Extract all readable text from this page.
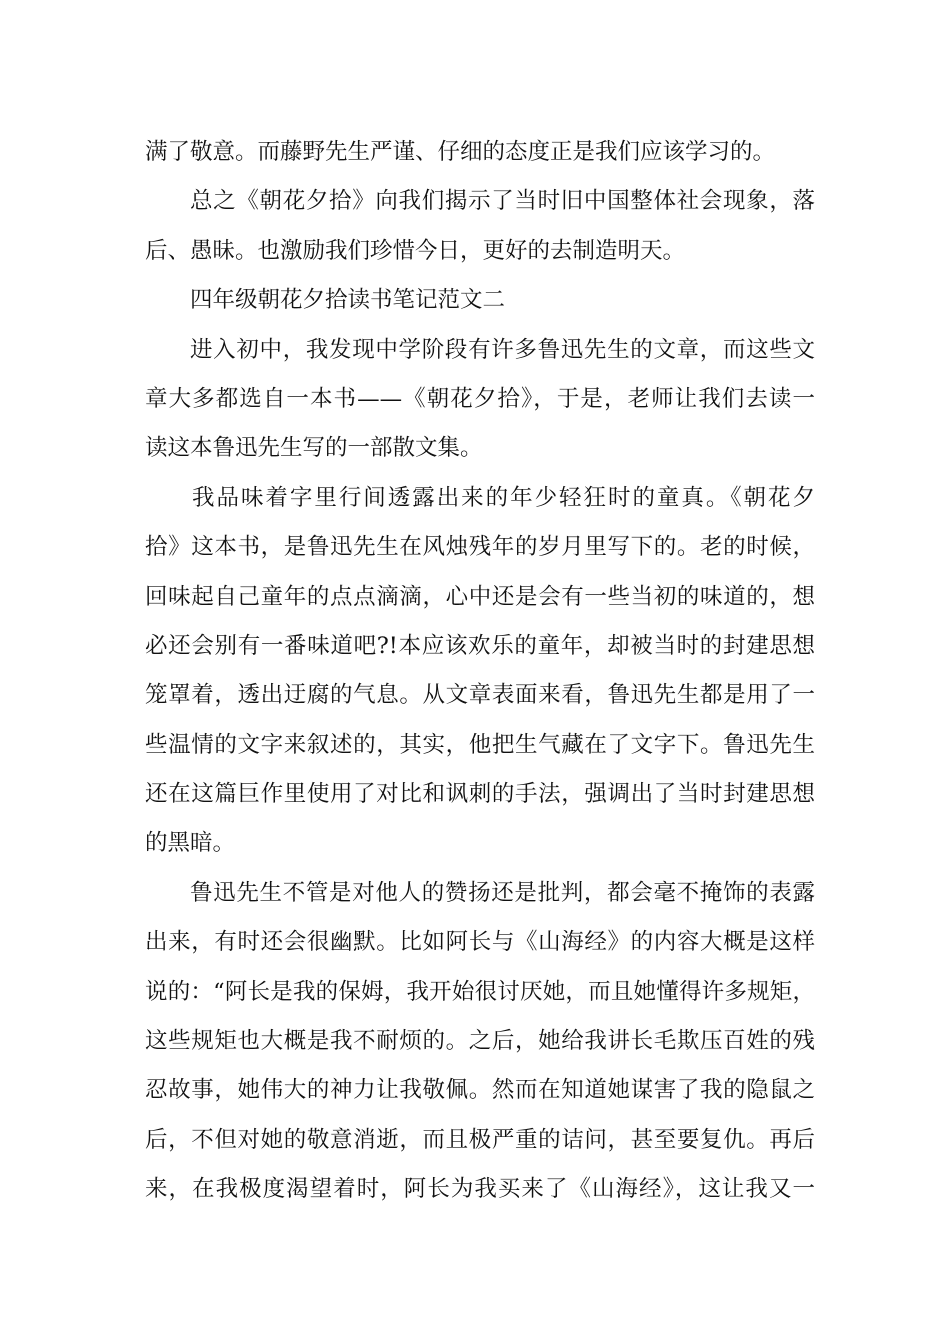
满了敬意。而藤野先生严谨、仔细的态度正是我们应该学习的。
总之《朝花夕拾》向我们揭示了当时旧中国整体社会现象，落
后、愚昧。也激励我们珍惜今日，更好的去制造明天。
四年级朝花夕拾读书笔记范文二
进入初中，我发现中学阶段有许多鲁迅先生的文章，而这些文
章大多都选自一本书——《朝花夕拾》，于是，老师让我们去读一
读这本鲁迅先生写的一部散文集。
我品味着字里行间透露出来的年少轻狂时的童真。《朝花夕
拾》这本书，是鲁迅先生在风烛残年的岁月里写下的。老的时候，
回味起自己童年的点点滴滴，心中还是会有一些当初的味道的，想
必还会别有一番味道吧?!本应该欢乐的童年，却被当时的封建思想
笼罩着，透出迂腐的气息。从文章表面来看，鲁迅先生都是用了一
些温情的文字来叙述的，其实，他把生气藏在了文字下。鲁迅先生
还在这篇巨作里使用了对比和讽刺的手法，强调出了当时封建思想
的黑暗。
鲁迅先生不管是对他人的赞扬还是批判，都会毫不掩饰的表露
出来，有时还会很幽默。比如阿长与《山海经》的内容大概是这样
说的：“阿长是我的保姆，我开始很讨厌她，而且她懂得许多规矩，
这些规矩也大概是我不耐烦的。之后，她给我讲长毛欺压百姓的残
忍故事，她伟大的神力让我敬佩。然而在知道她谋害了我的隐鼠之
后，不但对她的敬意消逝，而且极严重的诘问，甚至要复仇。再后
来，在我极度渴望着时，阿长为我买来了《山海经》，这让我又一
